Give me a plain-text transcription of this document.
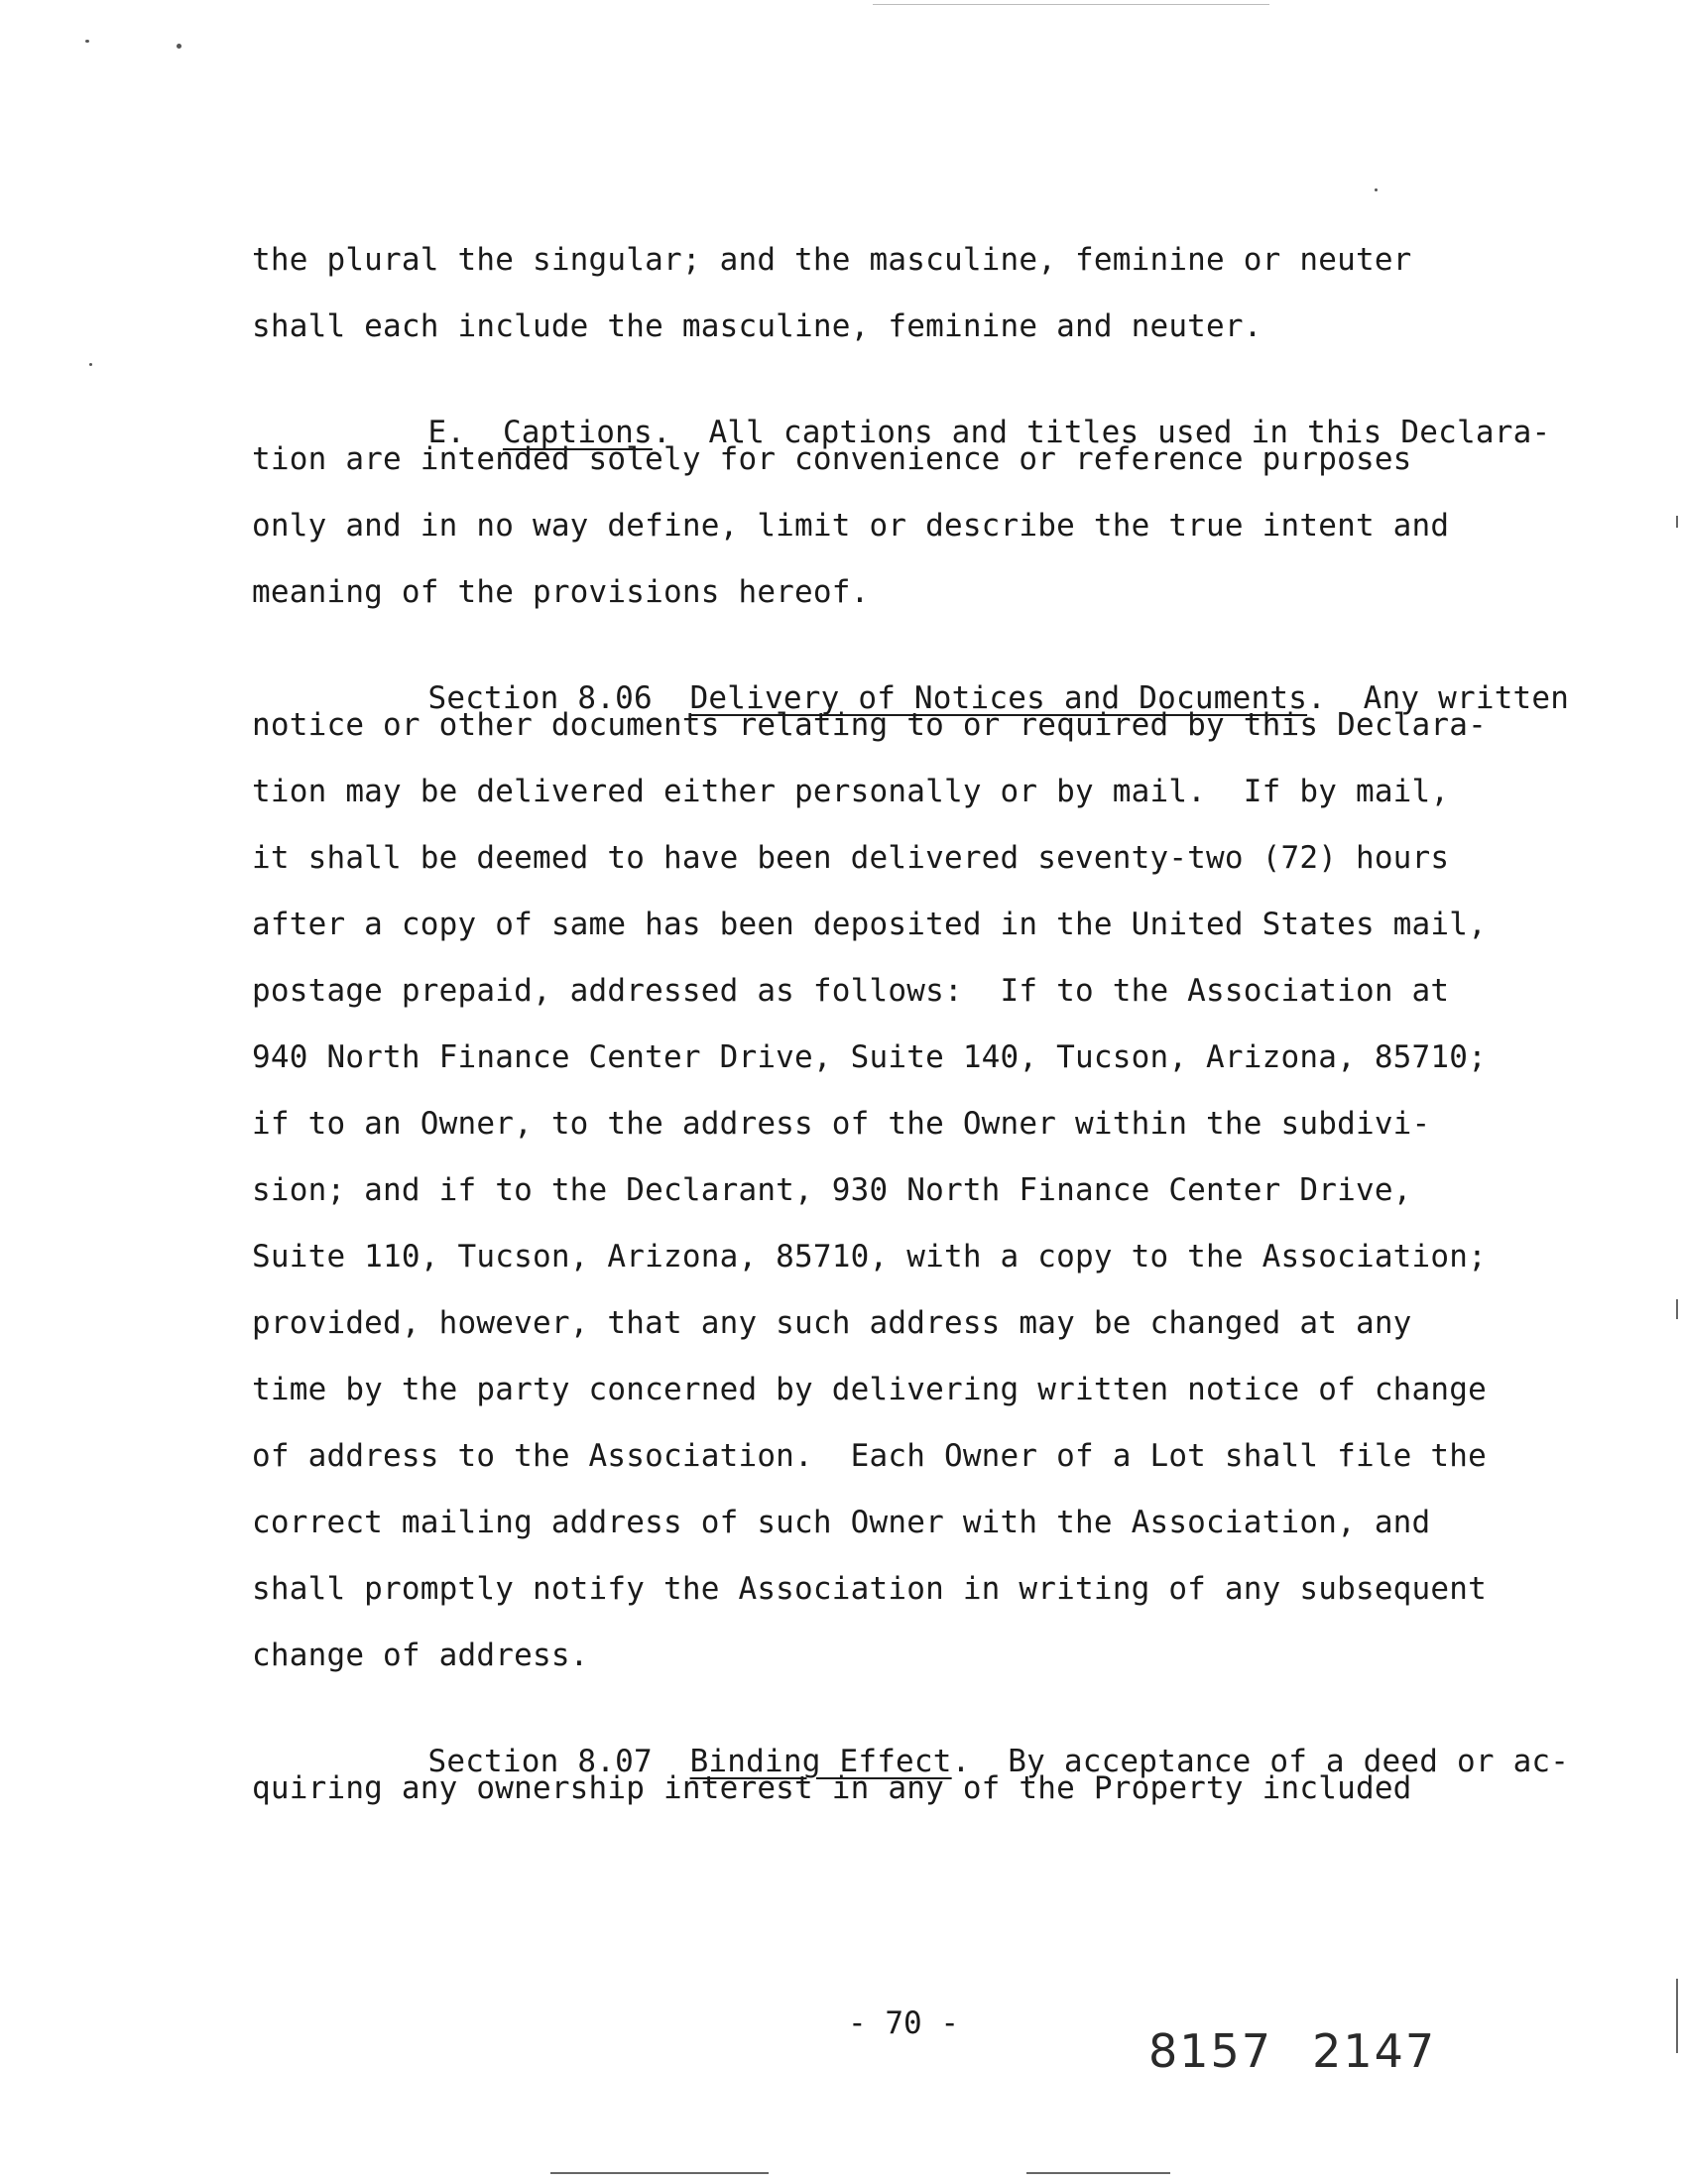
the plural the singular; and the masculine, feminine or neuter
shall each include the masculine, feminine and neuter.

E.  Captions.  All captions and titles used in this Declara-

tion are intended solely for convenience or reference purposes
only and in no way define, limit or describe the true intent and
meaning of the provisions hereof.

Section 8.06  Delivery of Notices and Documents.  Any written

notice or other documents relating to or required by this Declara-
tion may be delivered either personally or by mail.  If by mail,
it shall be deemed to have been delivered seventy-two (72) hours
after a copy of same has been deposited in the United States mail,
postage prepaid, addressed as follows:  If to the Association at
940 North Finance Center Drive, Suite 140, Tucson, Arizona, 85710;
if to an Owner, to the address of the Owner within the subdivi-
sion; and if to the Declarant, 930 North Finance Center Drive,
Suite 110, Tucson, Arizona, 85710, with a copy to the Association;
provided, however, that any such address may be changed at any
time by the party concerned by delivering written notice of change
of address to the Association.  Each Owner of a Lot shall file the
correct mailing address of such Owner with the Association, and
shall promptly notify the Association in writing of any subsequent
change of address.

Section 8.07  Binding Effect.  By acceptance of a deed or ac-

quiring any ownership interest in any of the Property included
- 70 -
8157 2147
